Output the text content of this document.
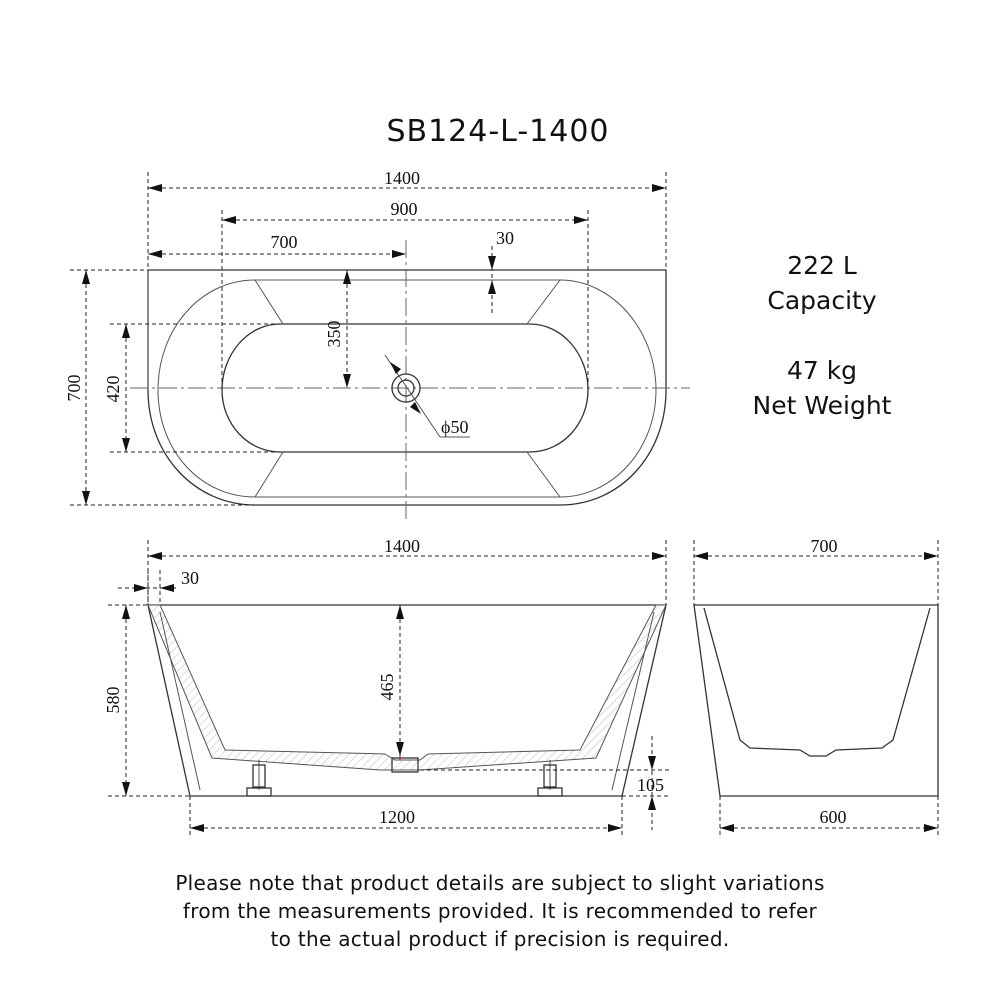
SB124-L-1400
222 L
Capacity
47 kg
Net Weight
ϕ50
1400
900
700	30
350
700 420
1400
30
580	465
105
1200
700
600
Please note that product details are subject to slight variations
from the measurements provided. It is recommended to refer
to the actual product if precision is required.
